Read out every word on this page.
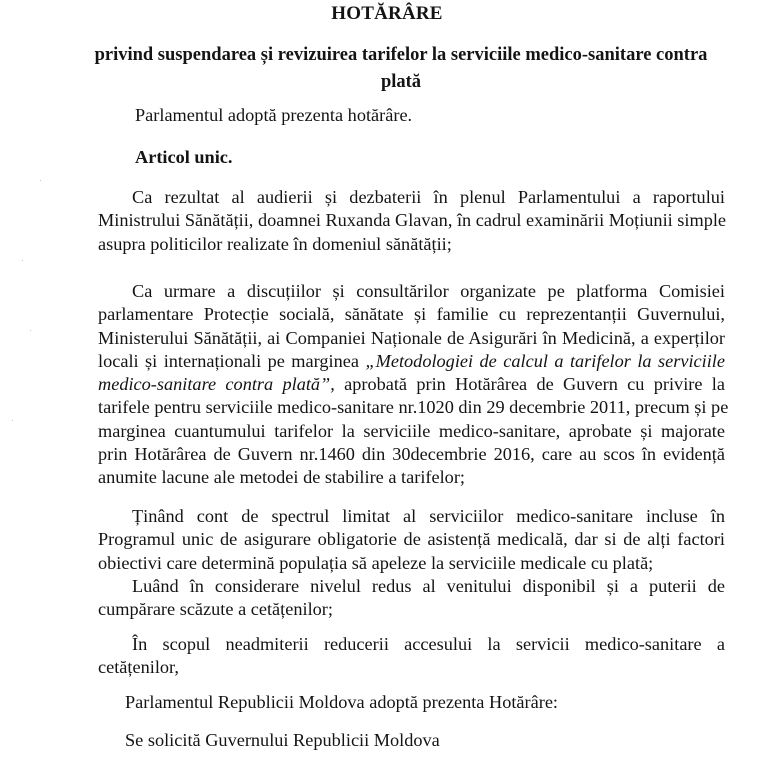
HOTĂRÂRE
privind suspendarea și revizuirea tarifelor la serviciile medico-sanitare contra plată
Parlamentul adoptă prezenta hotărâre.
Articol unic.
Ca rezultat al audierii și dezbaterii în plenul Parlamentului a raportului
Ministrului Sănătății, doamnei Ruxanda Glavan, în cadrul examinării Moțiunii simple
asupra politicilor realizate în domeniul sănătății;
Ca urmare a discuțiilor și consultărilor organizate pe platforma Comisiei
parlamentare Protecție socială, sănătate și familie cu reprezentanții Guvernului,
Ministerului Sănătății, ai Companiei Naționale de Asigurări în Medicină, a experților
locali și internaționali pe marginea „Metodologiei de calcul a tarifelor la serviciile
medico-sanitare contra plată”, aprobată prin Hotărârea de Guvern cu privire la
tarifele pentru serviciile medico-sanitare nr.1020 din 29 decembrie 2011, precum și pe
marginea cuantumului tarifelor la serviciile medico-sanitare, aprobate și majorate
prin Hotărârea de Guvern nr.1460 din 30decembrie 2016, care au scos în evidență
anumite lacune ale metodei de stabilire a tarifelor;
Ținând cont de spectrul limitat al serviciilor medico-sanitare incluse în
Programul unic de asigurare obligatorie de asistență medicală, dar si de alți factori
obiectivi care determină populația să apeleze la serviciile medicale cu plată;
Luând în considerare nivelul redus al venitului disponibil și a puterii de
cumpărare scăzute a cetățenilor;
În scopul neadmiterii reducerii accesului la servicii medico-sanitare a
cetățenilor,
Parlamentul Republicii Moldova adoptă prezenta Hotărâre:
Se solicită Guvernului Republicii Moldova
